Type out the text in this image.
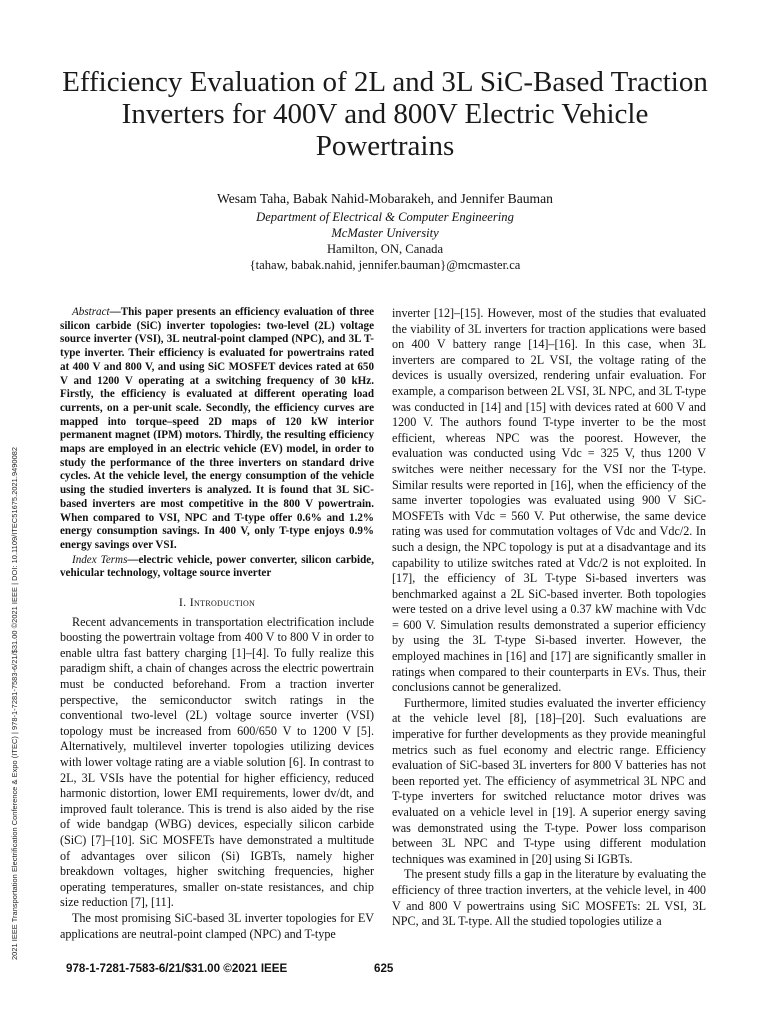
2021 IEEE Transportation Electrification Conference & Expo (ITEC) | 978-1-7281-7583-6/21/$31.00 ©2021 IEEE | DOI: 10.1109/ITEC51675.2021.9490082
Efficiency Evaluation of 2L and 3L SiC-Based Traction Inverters for 400V and 800V Electric Vehicle Powertrains
Wesam Taha, Babak Nahid-Mobarakeh, and Jennifer Bauman
Department of Electrical & Computer Engineering
McMaster University
Hamilton, ON, Canada
{tahaw, babak.nahid, jennifer.bauman}@mcmaster.ca

Abstract—This paper presents an efficiency evaluation of three silicon carbide (SiC) inverter topologies: two-level (2L) voltage source inverter (VSI), 3L neutral-point clamped (NPC), and 3L T-type inverter. Their efficiency is evaluated for powertrains rated at 400 V and 800 V, and using SiC MOSFET devices rated at 650 V and 1200 V operating at a switching frequency of 30 kHz. Firstly, the efficiency is evaluated at different operating load currents, on a per-unit scale. Secondly, the efficiency curves are mapped into torque–speed 2D maps of 120 kW interior permanent magnet (IPM) motors. Thirdly, the resulting efficiency maps are employed in an electric vehicle (EV) model, in order to study the performance of the three inverters on standard drive cycles. At the vehicle level, the energy consumption of the vehicle using the studied inverters is analyzed. It is found that 3L SiC-based inverters are most competitive in the 800 V powertrain. When compared to VSI, NPC and T-type offer 0.6% and 1.2% energy consumption savings. In 400 V, only T-type enjoys 0.9% energy savings over VSI.

Index Terms—electric vehicle, power converter, silicon carbide, vehicular technology, voltage source inverter

I. Introduction

Recent advancements in transportation electrification include boosting the powertrain voltage from 400 V to 800 V in order to enable ultra fast battery charging [1]–[4]. To fully realize this paradigm shift, a chain of changes across the electric powertrain must be conducted beforehand. From a traction inverter perspective, the semiconductor switch ratings in the conventional two-level (2L) voltage source inverter (VSI) topology must be increased from 600/650 V to 1200 V [5]. Alternatively, multilevel inverter topologies utilizing devices with lower voltage rating are a viable solution [6]. In contrast to 2L, 3L VSIs have the potential for higher efficiency, reduced harmonic distortion, lower EMI requirements, lower dv/dt, and improved fault tolerance. This is trend is also aided by the rise of wide bandgap (WBG) devices, especially silicon carbide (SiC) [7]–[10]. SiC MOSFETs have demonstrated a multitude of advantages over silicon (Si) IGBTs, namely higher breakdown voltages, higher switching frequencies, higher operating temperatures, smaller on-state resistances, and chip size reduction [7], [11].

The most promising SiC-based 3L inverter topologies for EV applications are neutral-point clamped (NPC) and T-type

inverter [12]–[15]. However, most of the studies that evaluated the viability of 3L inverters for traction applications were based on 400 V battery range [14]–[16]. In this case, when 3L inverters are compared to 2L VSI, the voltage rating of the devices is usually oversized, rendering unfair evaluation. For example, a comparison between 2L VSI, 3L NPC, and 3L T-type was conducted in [14] and [15] with devices rated at 600 V and 1200 V. The authors found T-type inverter to be the most efficient, whereas NPC was the poorest. However, the evaluation was conducted using Vdc = 325 V, thus 1200 V switches were neither necessary for the VSI nor the T-type. Similar results were reported in [16], when the efficiency of the same inverter topologies was evaluated using 900 V SiC-MOSFETs with Vdc = 560 V. Put otherwise, the same device rating was used for commutation voltages of Vdc and Vdc/2. In such a design, the NPC topology is put at a disadvantage and its capability to utilize switches rated at Vdc/2 is not exploited. In [17], the efficiency of 3L T-type Si-based inverters was benchmarked against a 2L SiC-based inverter. Both topologies were tested on a drive level using a 0.37 kW machine with Vdc = 600 V. Simulation results demonstrated a superior efficiency by using the 3L T-type Si-based inverter. However, the employed machines in [16] and [17] are significantly smaller in ratings when compared to their counterparts in EVs. Thus, their conclusions cannot be generalized.

Furthermore, limited studies evaluated the inverter efficiency at the vehicle level [8], [18]–[20]. Such evaluations are imperative for further developments as they provide meaningful metrics such as fuel economy and electric range. Efficiency evaluation of SiC-based 3L inverters for 800 V batteries has not been reported yet. The efficiency of asymmetrical 3L NPC and T-type inverters for switched reluctance motor drives was evaluated on a vehicle level in [19]. A superior energy saving was demonstrated using the T-type. Power loss comparison between 3L NPC and T-type using different modulation techniques was examined in [20] using Si IGBTs.

The present study fills a gap in the literature by evaluating the efficiency of three traction inverters, at the vehicle level, in 400 V and 800 V powertrains using SiC MOSFETs: 2L VSI, 3L NPC, and 3L T-type. All the studied topologies utilize a

978-1-7281-7583-6/21/$31.00 ©2021 IEEE	625
